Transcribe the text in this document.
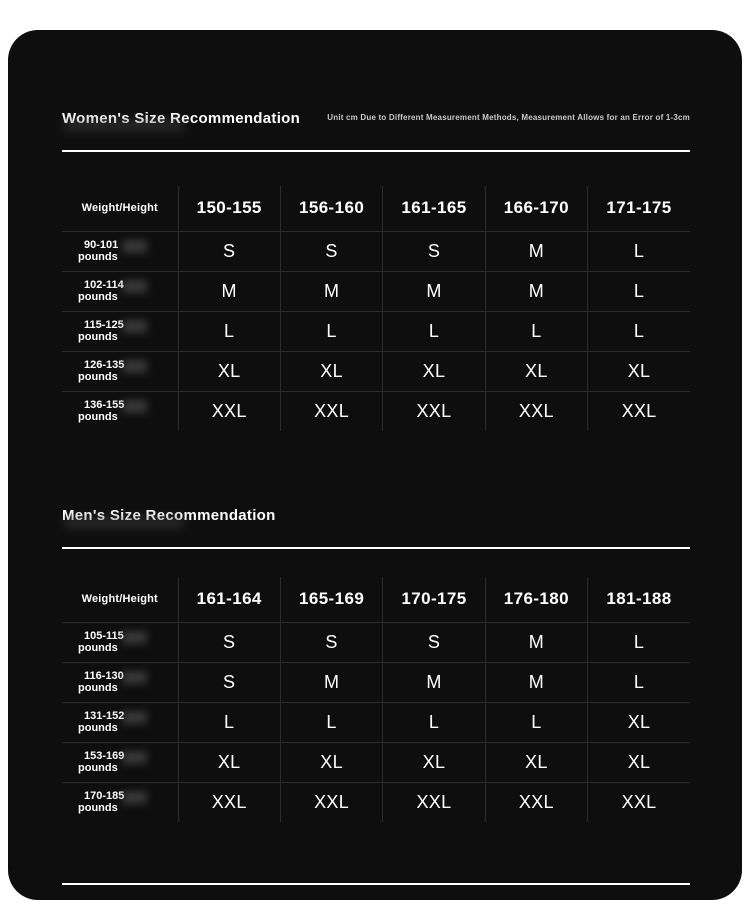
Women's Size Recommendation	Unit cm Due to Different Measurement Methods, Measurement Allows for an Error of 1-3cm
Weight/Height	150-155	156-160	161-165	166-170	171-175

90-101
pounds	S	S	S	M	L

102-114
pounds	M	M	M	M	L

115-125
pounds	L	L	L	L	L

126-135
pounds	XL	XL	XL	XL	XL

136-155
pounds	XXL	XXL	XXL	XXL	XXL
Men's Size Recommendation
Weight/Height	161-164	165-169	170-175	176-180	181-188

105-115
pounds	S	S	S	M	L

116-130
pounds	S	M	M	M	L

131-152
pounds	L	L	L	L	XL

153-169
pounds	XL	XL	XL	XL	XL

170-185
pounds	XXL	XXL	XXL	XXL	XXL
